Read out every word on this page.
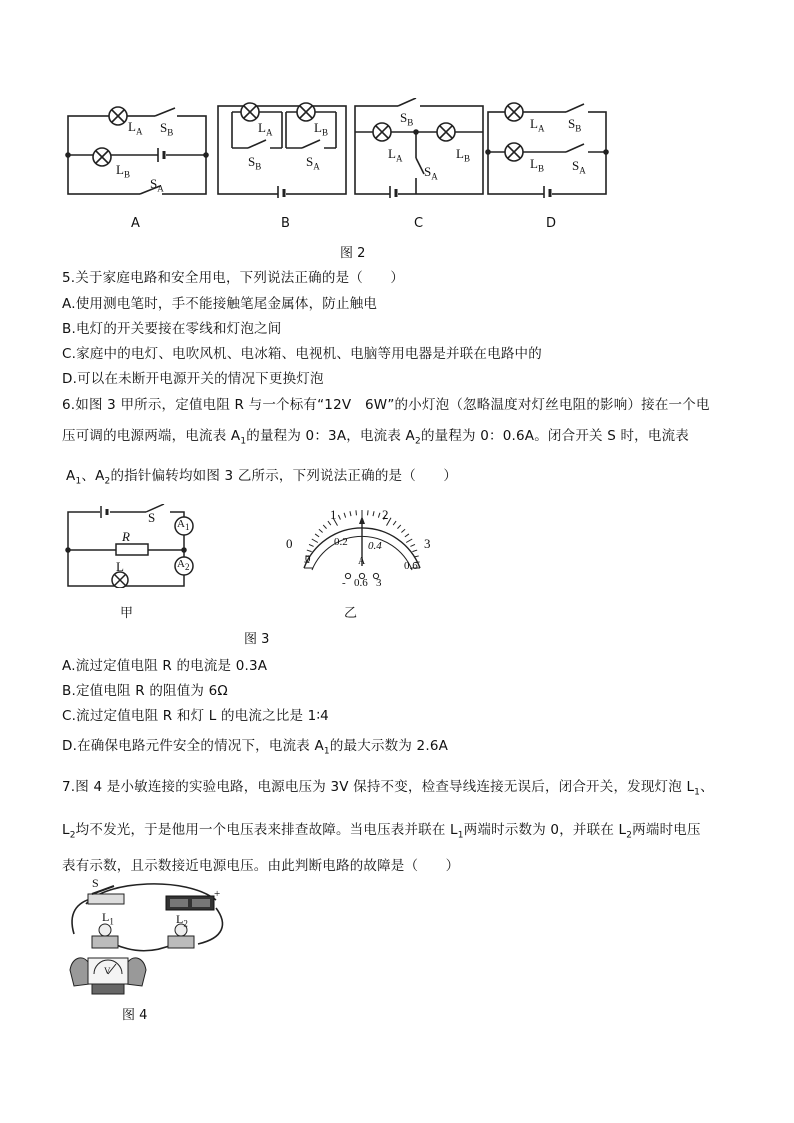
$L_A$ $S_B$
$L_B$
$S_A$
$L_A$	$L_B$
$S_B$	$S_A$
$S_B$
$L_A$	$L_B$
$S_A$
$L_A$ $S_B$
$L_B$ $S_A$
A	B	C	D
图 2
5.关于家庭电路和安全用电，下列说法正确的是（　　）
A.使用测电笔时，手不能接触笔尾金属体，防止触电
B.电灯的开关要接在零线和灯泡之间
C.家庭中的电灯、电吹风机、电冰箱、电视机、电脑等用电器是并联在电路中的
D.可以在未断开电源开关的情况下更换灯泡
6.如图 3 甲所示，定值电阻 R 与一个标有“12V　6W”的小灯泡（忽略温度对灯丝电阻的影响）接在一个电
压可调的电源两端，电流表 $A_1$的量程为 0：3A，电流表 $A_2$的量程为 0：0.6A。闭合开关 S 时，电流表
$A_1$、$A_2$的指针偏转均如图 3 乙所示，下列说法正确的是（　　）
S $A_1$
R
$A_2$
L
甲
0
1	2
3
0
0.2 0.4
0.6
A
- 0.6 3
乙
图 3
A.流过定值电阻 R 的电流是 0.3A
B.定值电阻 R 的阻值为 6Ω
C.流过定值电阻 R 和灯 L 的电流之比是 1∶4
D.在确保电路元件安全的情况下，电流表 $A_1$的最大示数为 2.6A
7.图 4 是小敏连接的实验电路，电源电压为 3V 保持不变，检查导线连接无误后，闭合开关，发现灯泡 $L_1$、
$L_2$均不发光，于是他用一个电压表来排查故障。当电压表并联在 $L_1$两端时示数为 0，并联在 $L_2$两端时电压
表有示数，且示数接近电源电压。由此判断电路的故障是（　　）
S
+
$L_1$	$L_2$
V
图 4
